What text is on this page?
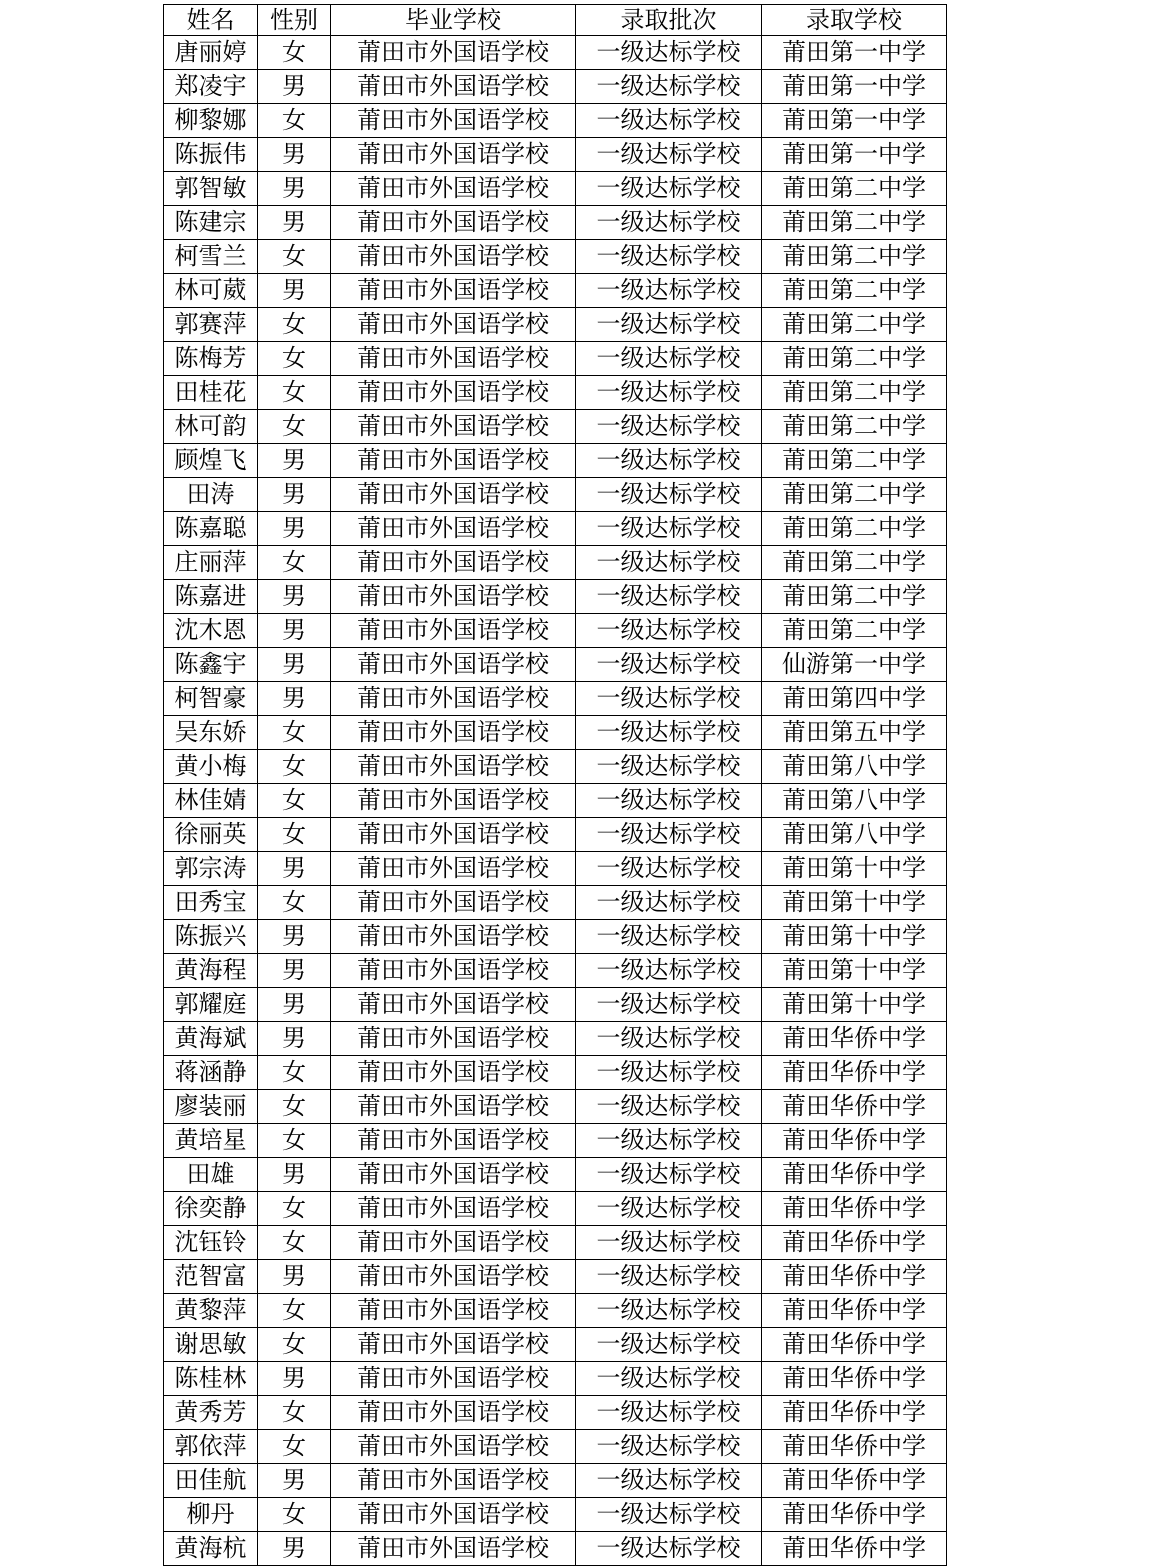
姓名	性别	毕业学校	录取批次	录取学校
唐丽婷	女	莆田市外国语学校	一级达标学校	莆田第一中学
郑凌宇	男	莆田市外国语学校	一级达标学校	莆田第一中学
柳黎娜	女	莆田市外国语学校	一级达标学校	莆田第一中学
陈振伟	男	莆田市外国语学校	一级达标学校	莆田第一中学
郭智敏	男	莆田市外国语学校	一级达标学校	莆田第二中学
陈建宗	男	莆田市外国语学校	一级达标学校	莆田第二中学
柯雪兰	女	莆田市外国语学校	一级达标学校	莆田第二中学
林可葳	男	莆田市外国语学校	一级达标学校	莆田第二中学
郭赛萍	女	莆田市外国语学校	一级达标学校	莆田第二中学
陈梅芳	女	莆田市外国语学校	一级达标学校	莆田第二中学
田桂花	女	莆田市外国语学校	一级达标学校	莆田第二中学
林可韵	女	莆田市外国语学校	一级达标学校	莆田第二中学
顾煌飞	男	莆田市外国语学校	一级达标学校	莆田第二中学
田涛	男	莆田市外国语学校	一级达标学校	莆田第二中学
陈嘉聪	男	莆田市外国语学校	一级达标学校	莆田第二中学
庄丽萍	女	莆田市外国语学校	一级达标学校	莆田第二中学
陈嘉进	男	莆田市外国语学校	一级达标学校	莆田第二中学
沈木恩	男	莆田市外国语学校	一级达标学校	莆田第二中学
陈鑫宇	男	莆田市外国语学校	一级达标学校	仙游第一中学
柯智豪	男	莆田市外国语学校	一级达标学校	莆田第四中学
吴东娇	女	莆田市外国语学校	一级达标学校	莆田第五中学
黄小梅	女	莆田市外国语学校	一级达标学校	莆田第八中学
林佳婧	女	莆田市外国语学校	一级达标学校	莆田第八中学
徐丽英	女	莆田市外国语学校	一级达标学校	莆田第八中学
郭宗涛	男	莆田市外国语学校	一级达标学校	莆田第十中学
田秀宝	女	莆田市外国语学校	一级达标学校	莆田第十中学
陈振兴	男	莆田市外国语学校	一级达标学校	莆田第十中学
黄海程	男	莆田市外国语学校	一级达标学校	莆田第十中学
郭耀庭	男	莆田市外国语学校	一级达标学校	莆田第十中学
黄海斌	男	莆田市外国语学校	一级达标学校	莆田华侨中学
蒋涵静	女	莆田市外国语学校	一级达标学校	莆田华侨中学
廖装丽	女	莆田市外国语学校	一级达标学校	莆田华侨中学
黄培星	女	莆田市外国语学校	一级达标学校	莆田华侨中学
田雄	男	莆田市外国语学校	一级达标学校	莆田华侨中学
徐奕静	女	莆田市外国语学校	一级达标学校	莆田华侨中学
沈钰铃	女	莆田市外国语学校	一级达标学校	莆田华侨中学
范智富	男	莆田市外国语学校	一级达标学校	莆田华侨中学
黄黎萍	女	莆田市外国语学校	一级达标学校	莆田华侨中学
谢思敏	女	莆田市外国语学校	一级达标学校	莆田华侨中学
陈桂林	男	莆田市外国语学校	一级达标学校	莆田华侨中学
黄秀芳	女	莆田市外国语学校	一级达标学校	莆田华侨中学
郭依萍	女	莆田市外国语学校	一级达标学校	莆田华侨中学
田佳航	男	莆田市外国语学校	一级达标学校	莆田华侨中学
柳丹	女	莆田市外国语学校	一级达标学校	莆田华侨中学
黄海杭	男	莆田市外国语学校	一级达标学校	莆田华侨中学
